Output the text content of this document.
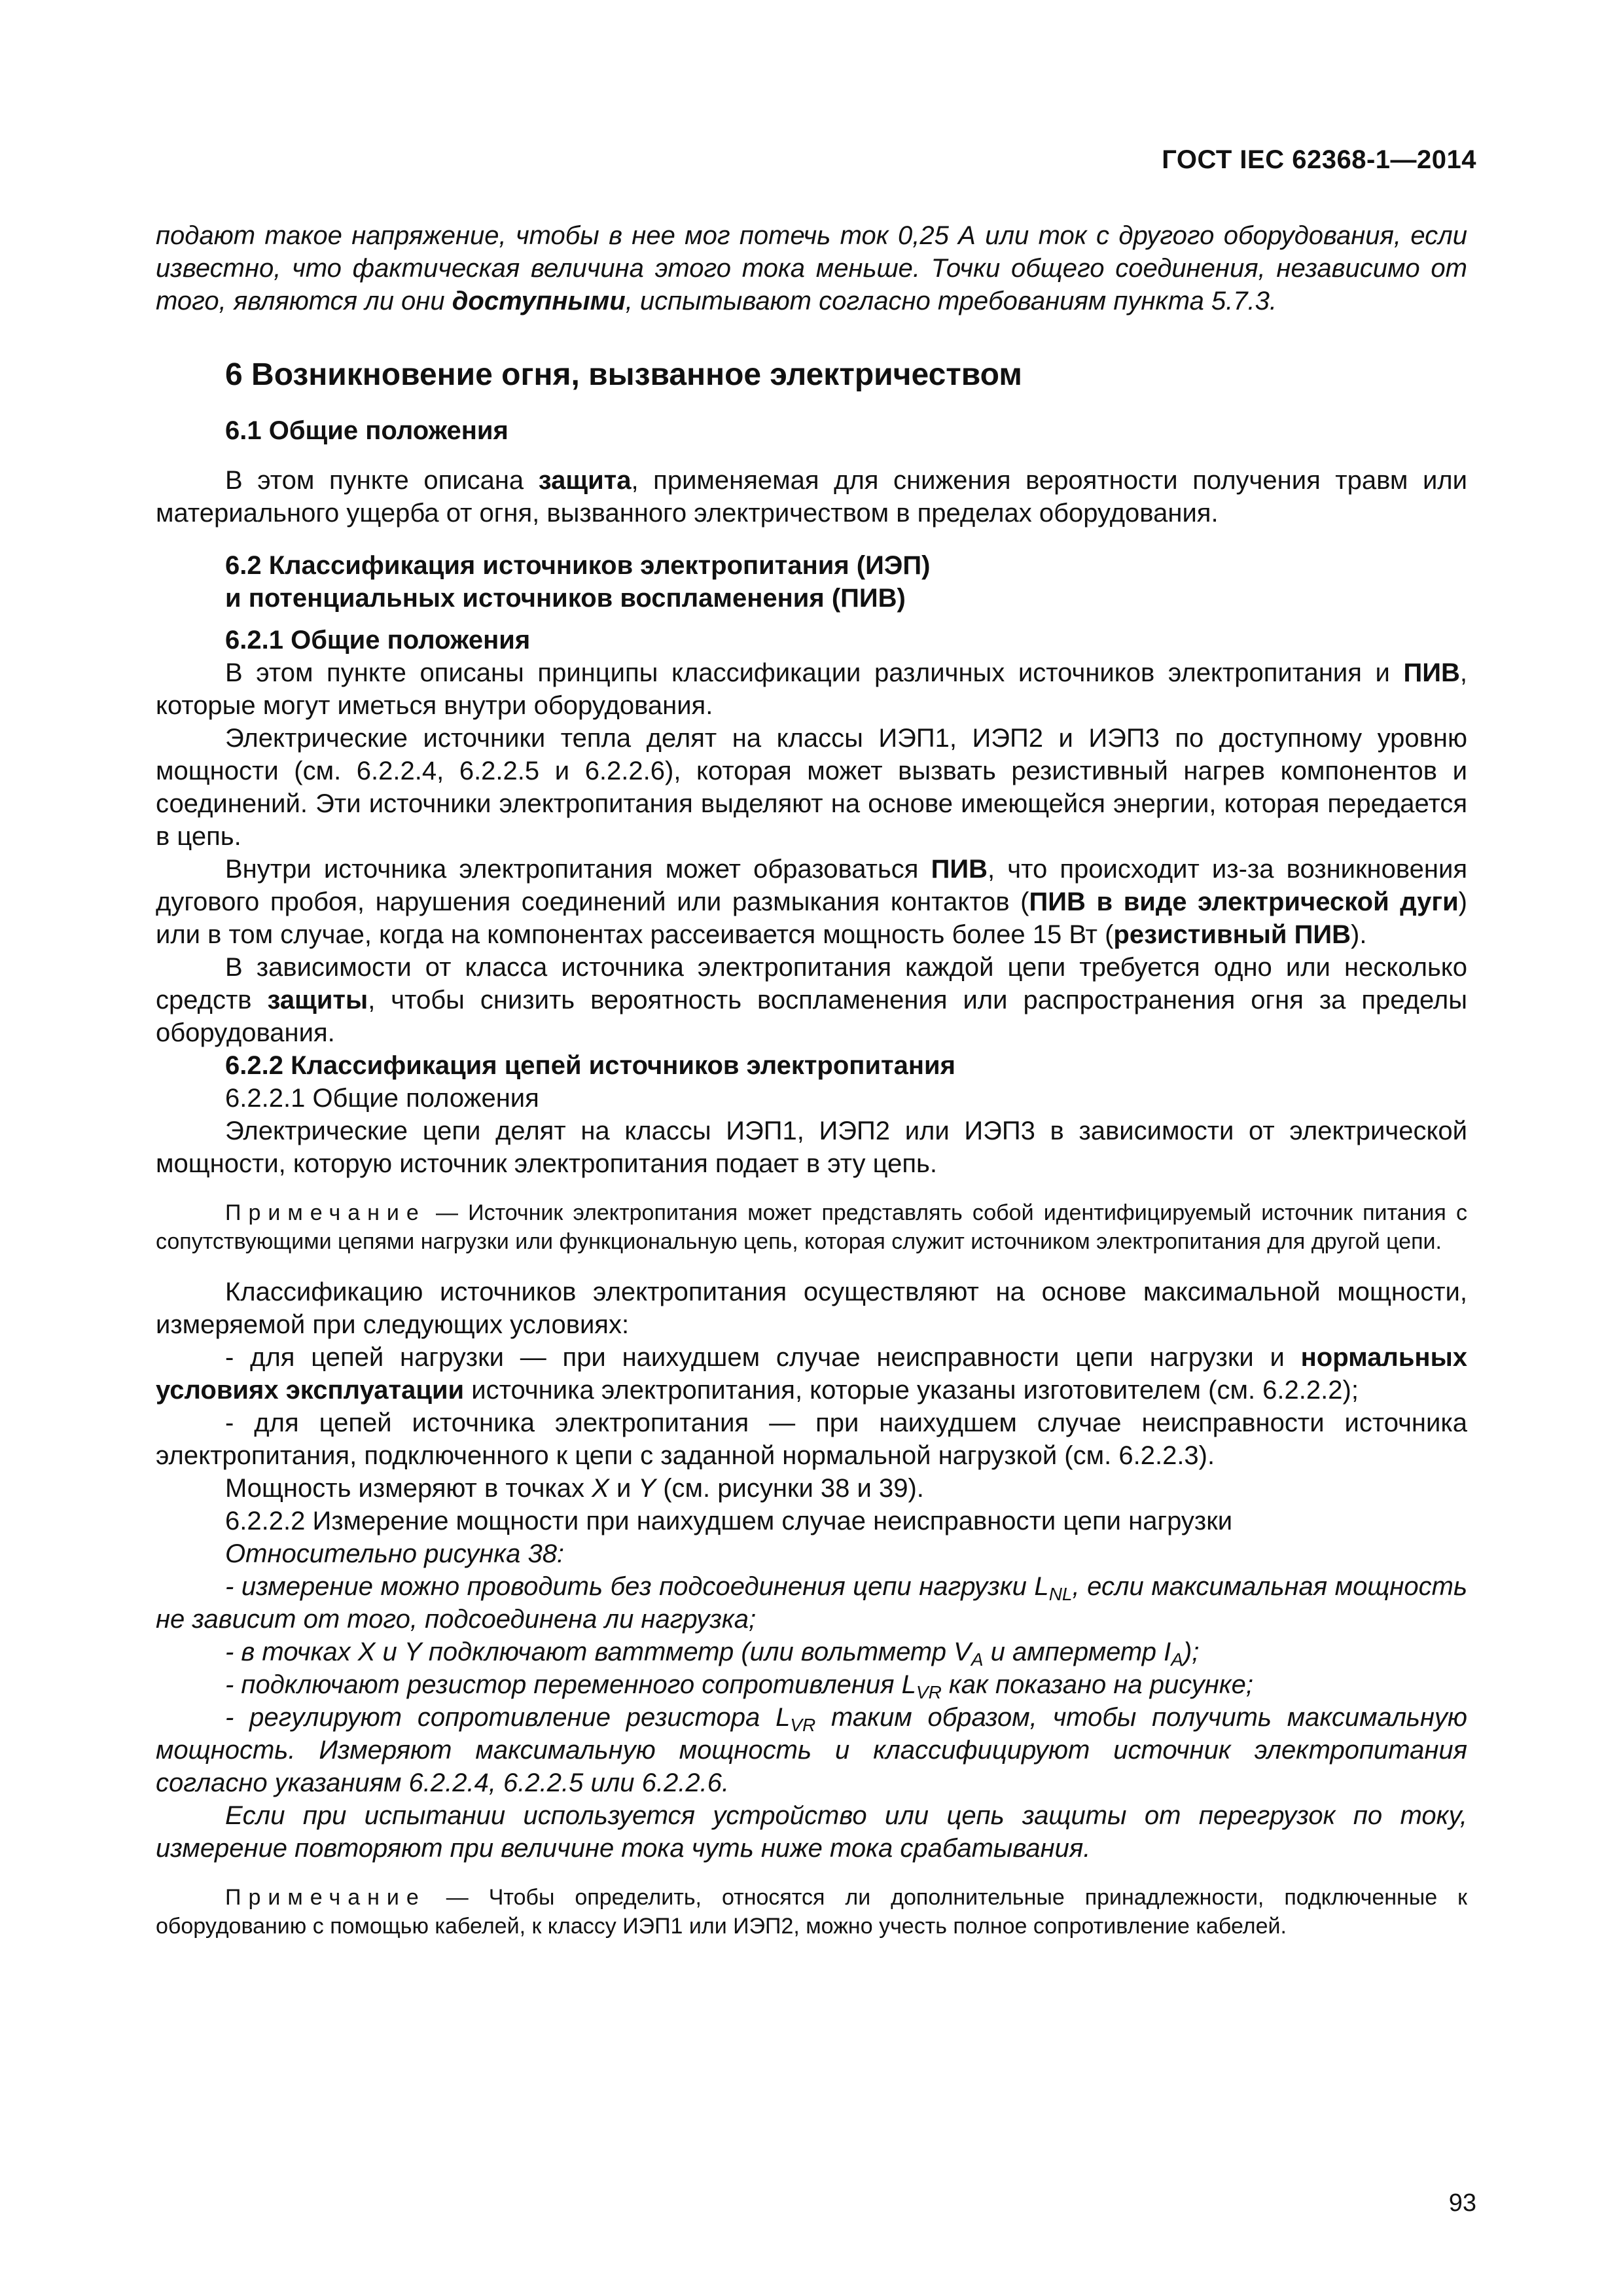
ГОСТ IEC 62368-1—2014

подают такое напряжение, чтобы в нее мог потечь ток 0,25 А или ток с другого оборудования, если известно, что фактическая величина этого тока меньше. Точки общего соединения, независимо от того, являются ли они доступными, испытывают согласно требованиям пункта 5.7.3.

6 Возникновение огня, вызванное электричеством
6.1 Общие положения

В этом пункте описана защита, применяемая для снижения вероятности получения травм или материального ущерба от огня, вызванного электричеством в пределах оборудования.

6.2 Классификация источников электропитания (ИЭП)
и потенциальных источников воспламенения (ПИВ)
6.2.1 Общие положения

В этом пункте описаны принципы классификации различных источников электропитания и ПИВ, которые могут иметься внутри оборудования.

Электрические источники тепла делят на классы ИЭП1, ИЭП2 и ИЭП3 по доступному уровню мощности (см. 6.2.2.4, 6.2.2.5 и 6.2.2.6), которая может вызвать резистивный нагрев компонентов и соединений. Эти источники электропитания выделяют на основе имеющейся энергии, которая передается в цепь.

Внутри источника электропитания может образоваться ПИВ, что происходит из-за возникновения дугового пробоя, нарушения соединений или размыкания контактов (ПИВ в виде электрической дуги) или в том случае, когда на компонентах рассеивается мощность более 15 Вт (резистивный ПИВ).

В зависимости от класса источника электропитания каждой цепи требуется одно или несколько средств защиты, чтобы снизить вероятность воспламенения или распространения огня за пределы оборудования.

6.2.2 Классификация цепей источников электропитания
6.2.2.1 Общие положения

Электрические цепи делят на классы ИЭП1, ИЭП2 или ИЭП3 в зависимости от электрической мощности, которую источник электропитания подает в эту цепь.

Примечание — Источник электропитания может представлять собой идентифицируемый источник питания с сопутствующими цепями нагрузки или функциональную цепь, которая служит источником электропитания для другой цепи.

Классификацию источников электропитания осуществляют на основе максимальной мощности, измеряемой при следующих условиях:

- для цепей нагрузки — при наихудшем случае неисправности цепи нагрузки и нормальных условиях эксплуатации источника электропитания, которые указаны изготовителем (см. 6.2.2.2);

- для цепей источника электропитания — при наихудшем случае неисправности источника электропитания, подключенного к цепи с заданной нормальной нагрузкой (см. 6.2.2.3).

Мощность измеряют в точках X и Y (см. рисунки 38 и 39).

6.2.2.2 Измерение мощности при наихудшем случае неисправности цепи нагрузки
Относительно рисунка 38:

- измерение можно проводить без подсоединения цепи нагрузки $L_{NL}$, если максимальная мощность не зависит от того, подсоединена ли нагрузка;

- в точках X и Y подключают ваттметр (или вольтметр $V_A$ и амперметр $I_A$);

- подключают резистор переменного сопротивления $L_{VR}$ как показано на рисунке;

- регулируют сопротивление резистора $L_{VR}$ таким образом, чтобы получить максимальную мощность. Измеряют максимальную мощность и классифицируют источник электропитания согласно указаниям 6.2.2.4, 6.2.2.5 или 6.2.2.6.

Если при испытании используется устройство или цепь защиты от перегрузок по току, измерение повторяют при величине тока чуть ниже тока срабатывания.

Примечание — Чтобы определить, относятся ли дополнительные принадлежности, подключенные к оборудованию с помощью кабелей, к классу ИЭП1 или ИЭП2, можно учесть полное сопротивление кабелей.

93
